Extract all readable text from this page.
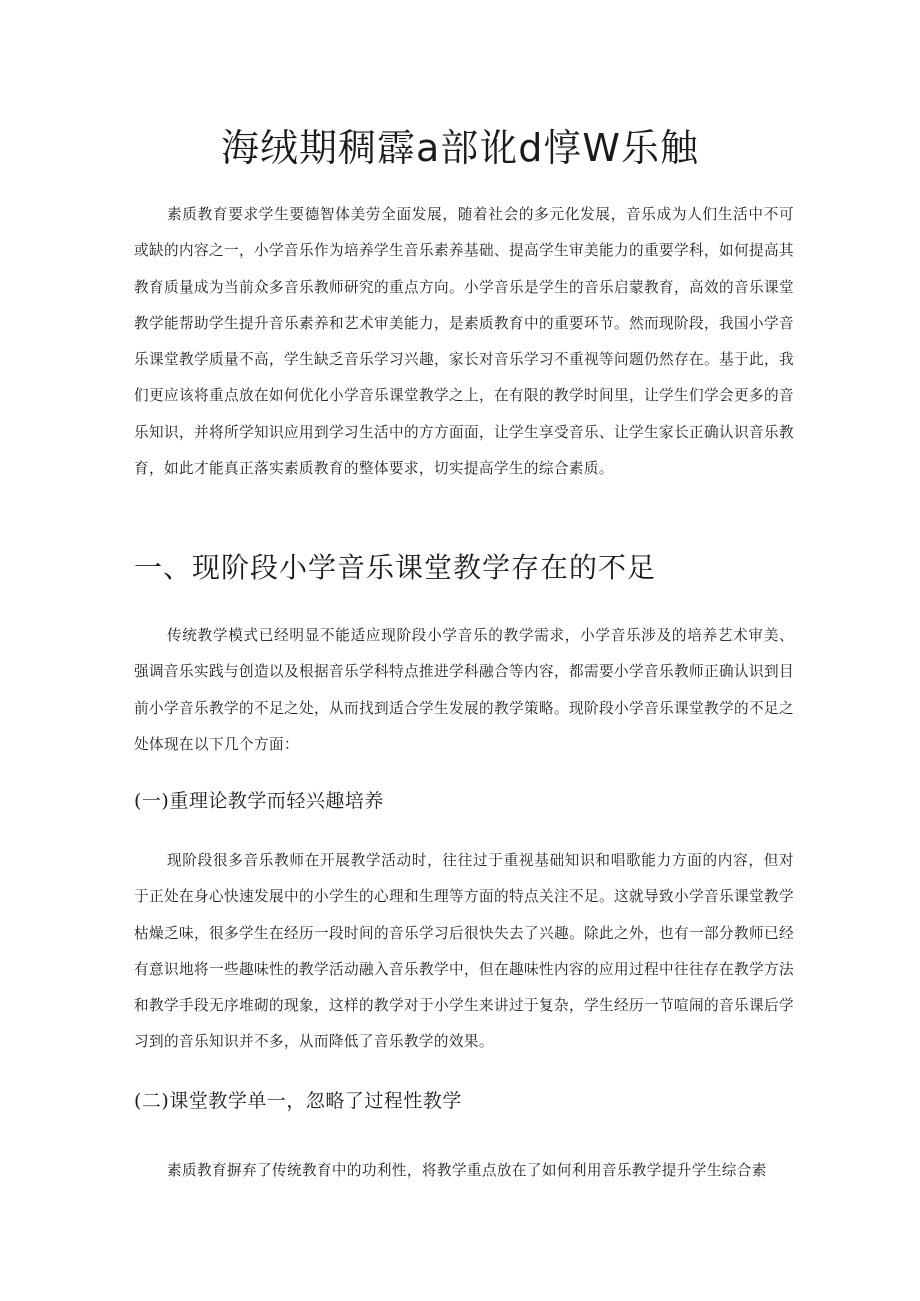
海绒期稠霹a部讹d惇W乐触

素质教育要求学生要德智体美劳全面发展，随着社会的多元化发展，音乐成为人们生活中不可或缺的内容之一，小学音乐作为培养学生音乐素养基础、提高学生审美能力的重要学科，如何提高其教育质量成为当前众多音乐教师研究的重点方向。小学音乐是学生的音乐启蒙教育，高效的音乐课堂教学能帮助学生提升音乐素养和艺术审美能力，是素质教育中的重要环节。然而现阶段，我国小学音乐课堂教学质量不高，学生缺乏音乐学习兴趣，家长对音乐学习不重视等问题仍然存在。基于此，我们更应该将重点放在如何优化小学音乐课堂教学之上，在有限的教学时间里，让学生们学会更多的音乐知识，并将所学知识应用到学习生活中的方方面面，让学生享受音乐、让学生家长正确认识音乐教育，如此才能真正落实素质教育的整体要求，切实提高学生的综合素质。

一、现阶段小学音乐课堂教学存在的不足

传统教学模式已经明显不能适应现阶段小学音乐的教学需求，小学音乐涉及的培养艺术审美、强调音乐实践与创造以及根据音乐学科特点推进学科融合等内容，都需要小学音乐教师正确认识到目前小学音乐教学的不足之处，从而找到适合学生发展的教学策略。现阶段小学音乐课堂教学的不足之处体现在以下几个方面：

(一)重理论教学而轻兴趣培养

现阶段很多音乐教师在开展教学活动时，往往过于重视基础知识和唱歌能力方面的内容，但对于正处在身心快速发展中的小学生的心理和生理等方面的特点关注不足。这就导致小学音乐课堂教学枯燥乏味，很多学生在经历一段时间的音乐学习后很快失去了兴趣。除此之外，也有一部分教师已经有意识地将一些趣味性的教学活动融入音乐教学中，但在趣味性内容的应用过程中往往存在教学方法和教学手段无序堆砌的现象，这样的教学对于小学生来讲过于复杂，学生经历一节喧闹的音乐课后学习到的音乐知识并不多，从而降低了音乐教学的效果。

(二)课堂教学单一，忽略了过程性教学

素质教育摒弃了传统教育中的功利性，将教学重点放在了如何利用音乐教学提升学生综合素
